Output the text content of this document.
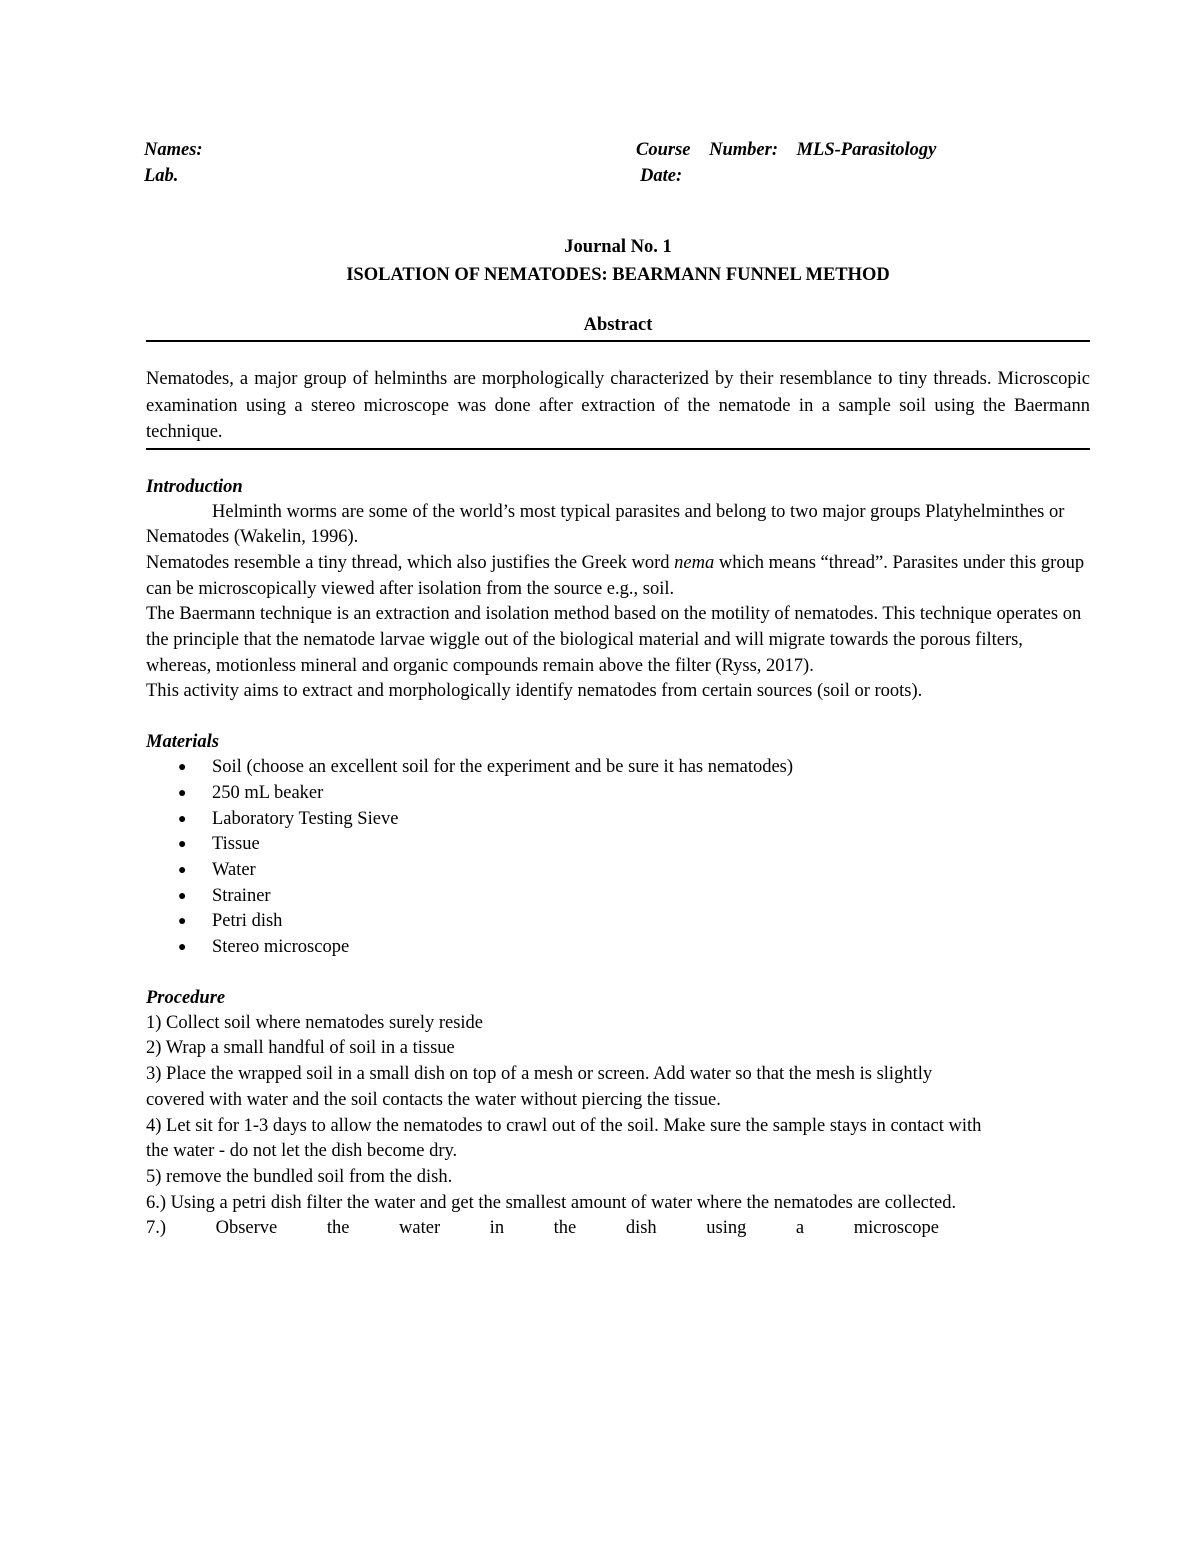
Names:	Course Number: MLS-Parasitology
Lab.	Date:
Journal No. 1
ISOLATION OF NEMATODES: BEARMANN FUNNEL METHOD
Abstract
Nematodes, a major group of helminths are morphologically characterized by their resemblance to tiny threads. Microscopic examination using a stereo microscope was done after extraction of the nematode in a sample soil using the Baermann technique.
Introduction
Helminth worms are some of the world’s most typical parasites and belong to two major groups Platyhelminthes or Nematodes (Wakelin, 1996).
Nematodes resemble a tiny thread, which also justifies the Greek word nema which means “thread”. Parasites under this group can be microscopically viewed after isolation from the source e.g., soil.
The Baermann technique is an extraction and isolation method based on the motility of nematodes. This technique operates on the principle that the nematode larvae wiggle out of the biological material and will migrate towards the porous filters, whereas, motionless mineral and organic compounds remain above the filter (Ryss, 2017).
This activity aims to extract and morphologically identify nematodes from certain sources (soil or roots).
Materials
● Soil (choose an excellent soil for the experiment and be sure it has nematodes)
● 250 mL beaker
● Laboratory Testing Sieve
● Tissue
● Water
● Strainer
● Petri dish
● Stereo microscope
Procedure
1) Collect soil where nematodes surely reside
2) Wrap a small handful of soil in a tissue
3) Place the wrapped soil in a small dish on top of a mesh or screen. Add water so that the mesh is slightly covered with water and the soil contacts the water without piercing the tissue.
4) Let sit for 1-3 days to allow the nematodes to crawl out of the soil. Make sure the sample stays in contact with the water - do not let the dish become dry.
5) remove the bundled soil from the dish.
6.) Using a petri dish filter the water and get the smallest amount of water where the nematodes are collected.
7.) Observe the water in the dish using a microscope
